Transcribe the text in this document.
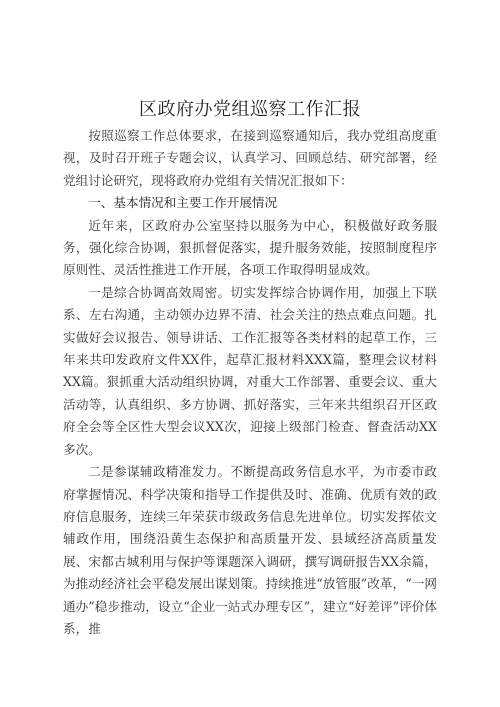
区政府办党组巡察工作汇报

按照巡察工作总体要求，在接到巡察通知后，我办党组高度重视，及时召开班子专题会议，认真学习、回顾总结、研究部署，经党组讨论研究，现将政府办党组有关情况汇报如下：

一、基本情况和主要工作开展情况

近年来，区政府办公室坚持以服务为中心，积极做好政务服务，强化综合协调，狠抓督促落实，提升服务效能，按照制度程序原则性、灵活性推进工作开展，各项工作取得明显成效。

一是综合协调高效周密。切实发挥综合协调作用，加强上下联系、左右沟通，主动领办边界不清、社会关注的热点难点问题。扎实做好会议报告、领导讲话、工作汇报等各类材料的起草工作，三年来共印发政府文件XX件，起草汇报材料XXX篇，整理会议材料XX篇。狠抓重大活动组织协调，对重大工作部署、重要会议、重大活动等，认真组织、多方协调、抓好落实，三年来共组织召开区政府全会等全区性大型会议XX次，迎接上级部门检查、督查活动XX多次。

二是参谋辅政精准发力。不断提高政务信息水平，为市委市政府掌握情况、科学决策和指导工作提供及时、准确、优质有效的政府信息服务，连续三年荣获市级政务信息先进单位。切实发挥依文辅政作用，围绕沿黄生态保护和高质量开发、县域经济高质量发展、宋都古城利用与保护等课题深入调研，撰写调研报告XX余篇，为推动经济社会平稳发展出谋划策。持续推进“放管服”改革，“一网通办”稳步推动，设立“企业一站式办理专区”，建立“好差评”评价体系，推
